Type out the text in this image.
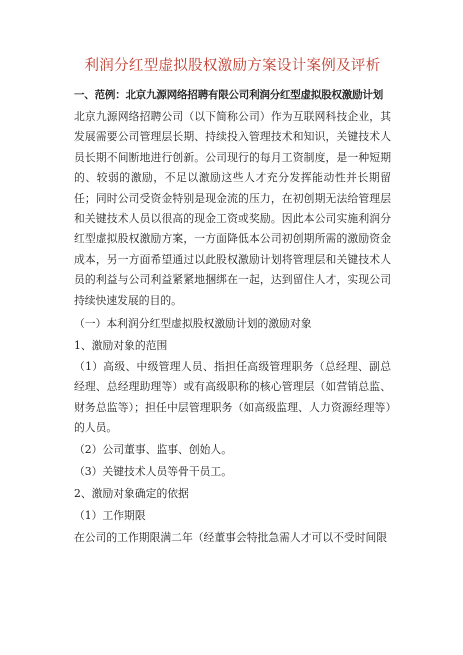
利润分红型虚拟股权激励方案设计案例及评析
一、范例：北京九源网络招聘有限公司利润分红型虚拟股权激励计划

北京九源网络招聘公司（以下简称公司）作为互联网科技企业，其发展需要公司管理层长期、持续投入管理技术和知识，关键技术人员长期不间断地进行创新。公司现行的每月工资制度，是一种短期的、较弱的激励，不足以激励这些人才充分发挥能动性并长期留任；同时公司受资金特别是现金流的压力，在初创期无法给管理层和关键技术人员以很高的现金工资或奖励。因此本公司实施利润分红型虚拟股权激励方案，一方面降低本公司初创期所需的激励资金成本，另一方面希望通过以此股权激励计划将管理层和关键技术人员的利益与公司利益紧紧地捆绑在一起，达到留住人才，实现公司持续快速发展的目的。

（一）本利润分红型虚拟股权激励计划的激励对象
1、激励对象的范围

（1）高级、中级管理人员、指担任高级管理职务（总经理、副总经理、总经理助理等）或有高级职称的核心管理层（如营销总监、财务总监等）；担任中层管理职务（如高级监理、人力资源经理等）的人员。

（2）公司董事、监事、创始人。
（3）关键技术人员等骨干员工。
2、激励对象确定的依据
（1）工作期限
在公司的工作期限满二年（经董事会特批急需人才可以不受时间限
